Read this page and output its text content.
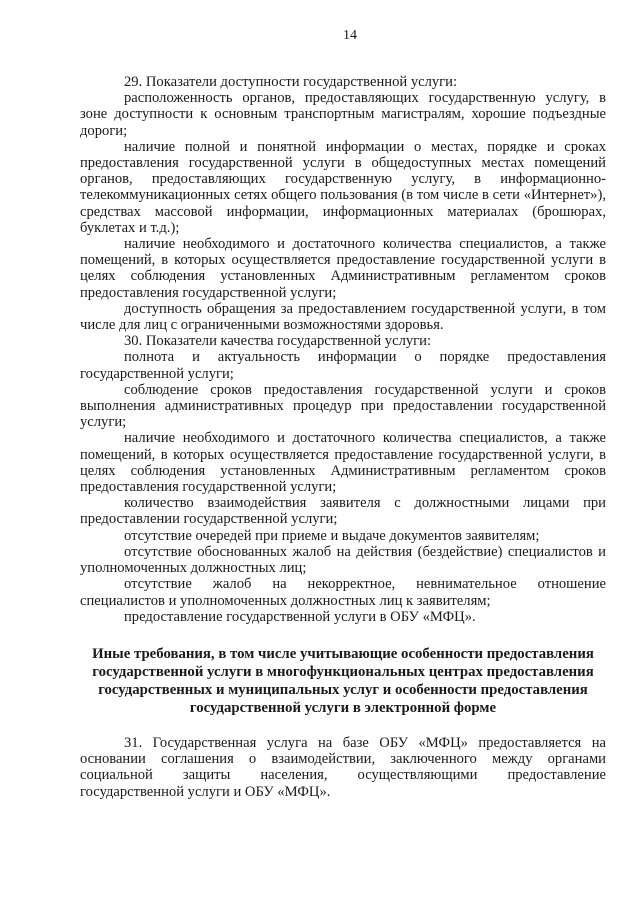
14

29. Показатели доступности государственной услуги:

расположенность органов, предоставляющих государственную услугу, в зоне доступности к основным транспортным магистралям, хорошие подъездные дороги;

наличие полной и понятной информации о местах, порядке и сроках предоставления государственной услуги в общедоступных местах помещений органов, предоставляющих государственную услугу, в информационно-телекоммуникационных сетях общего пользования (в том числе в сети «Интернет»), средствах массовой информации, информационных материалах (брошюрах, буклетах и т.д.);

наличие необходимого и достаточного количества специалистов, а также помещений, в которых осуществляется предоставление государственной услуги в целях соблюдения установленных Административным регламентом сроков предоставления государственной услуги;

доступность обращения за предоставлением государственной услуги, в том числе для лиц с ограниченными возможностями здоровья.

30. Показатели качества государственной услуги:

полнота и актуальность информации о порядке предоставления государственной услуги;

соблюдение сроков предоставления государственной услуги и сроков выполнения административных процедур при предоставлении государственной услуги;

наличие необходимого и достаточного количества специалистов, а также помещений, в которых осуществляется предоставление государственной услуги, в целях соблюдения установленных Административным регламентом сроков предоставления государственной услуги;

количество взаимодействия заявителя с должностными лицами при предоставлении государственной услуги;

отсутствие очередей при приеме и выдаче документов заявителям;

отсутствие обоснованных жалоб на действия (бездействие) специалистов и уполномоченных должностных лиц;

отсутствие жалоб на некорректное, невнимательное отношение специалистов и уполномоченных должностных лиц к заявителям;

предоставление государственной услуги в ОБУ «МФЦ».

Иные требования, в том числе учитывающие особенности предоставления государственной услуги в многофункциональных центрах предоставления государственных и муниципальных услуг и особенности предоставления государственной услуги в электронной форме

31. Государственная услуга на базе ОБУ «МФЦ» предоставляется на основании соглашения о взаимодействии, заключенного между органами социальной защиты населения, осуществляющими предоставление государственной услуги и ОБУ «МФЦ».
